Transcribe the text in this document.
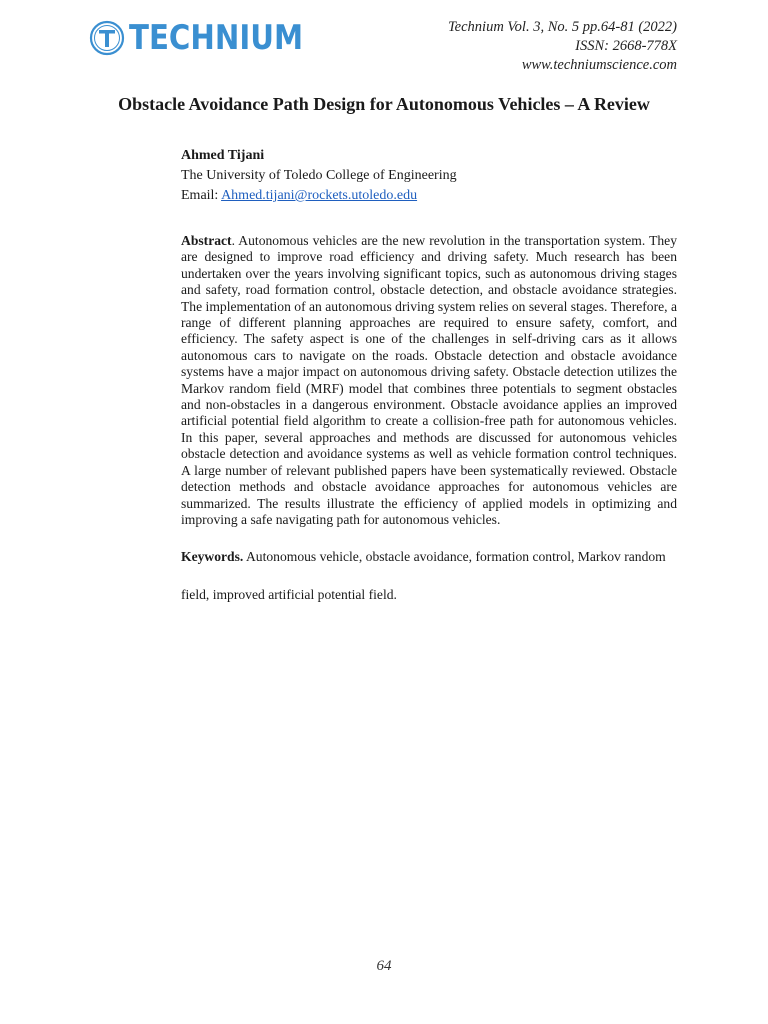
TECHNIUM	Technium Vol. 3, No. 5 pp.64-81 (2022)
ISSN: 2668-778X
www.techniumscience.com
Obstacle Avoidance Path Design for Autonomous Vehicles – A Review
Ahmed Tijani
The University of Toledo College of Engineering
Email: Ahmed.tijani@rockets.utoledo.edu

Abstract. Autonomous vehicles are the new revolution in the transportation system. They are designed to improve road efficiency and driving safety. Much research has been undertaken over the years involving significant topics, such as autonomous driving stages and safety, road formation control, obstacle detection, and obstacle avoidance strategies. The implementation of an autonomous driving system relies on several stages. Therefore, a range of different planning approaches are required to ensure safety, comfort, and efficiency. The safety aspect is one of the challenges in self-driving cars as it allows autonomous cars to navigate on the roads. Obstacle detection and obstacle avoidance systems have a major impact on autonomous driving safety. Obstacle detection utilizes the Markov random field (MRF) model that combines three potentials to segment obstacles and non-obstacles in a dangerous environment. Obstacle avoidance applies an improved artificial potential field algorithm to create a collision-free path for autonomous vehicles. In this paper, several approaches and methods are discussed for autonomous vehicles obstacle detection and avoidance systems as well as vehicle formation control techniques. A large number of relevant published papers have been systematically reviewed. Obstacle detection methods and obstacle avoidance approaches for autonomous vehicles are summarized. The results illustrate the efficiency of applied models in optimizing and improving a safe navigating path for autonomous vehicles.

Keywords. Autonomous vehicle, obstacle avoidance, formation control, Markov random field, improved artificial potential field.

64
